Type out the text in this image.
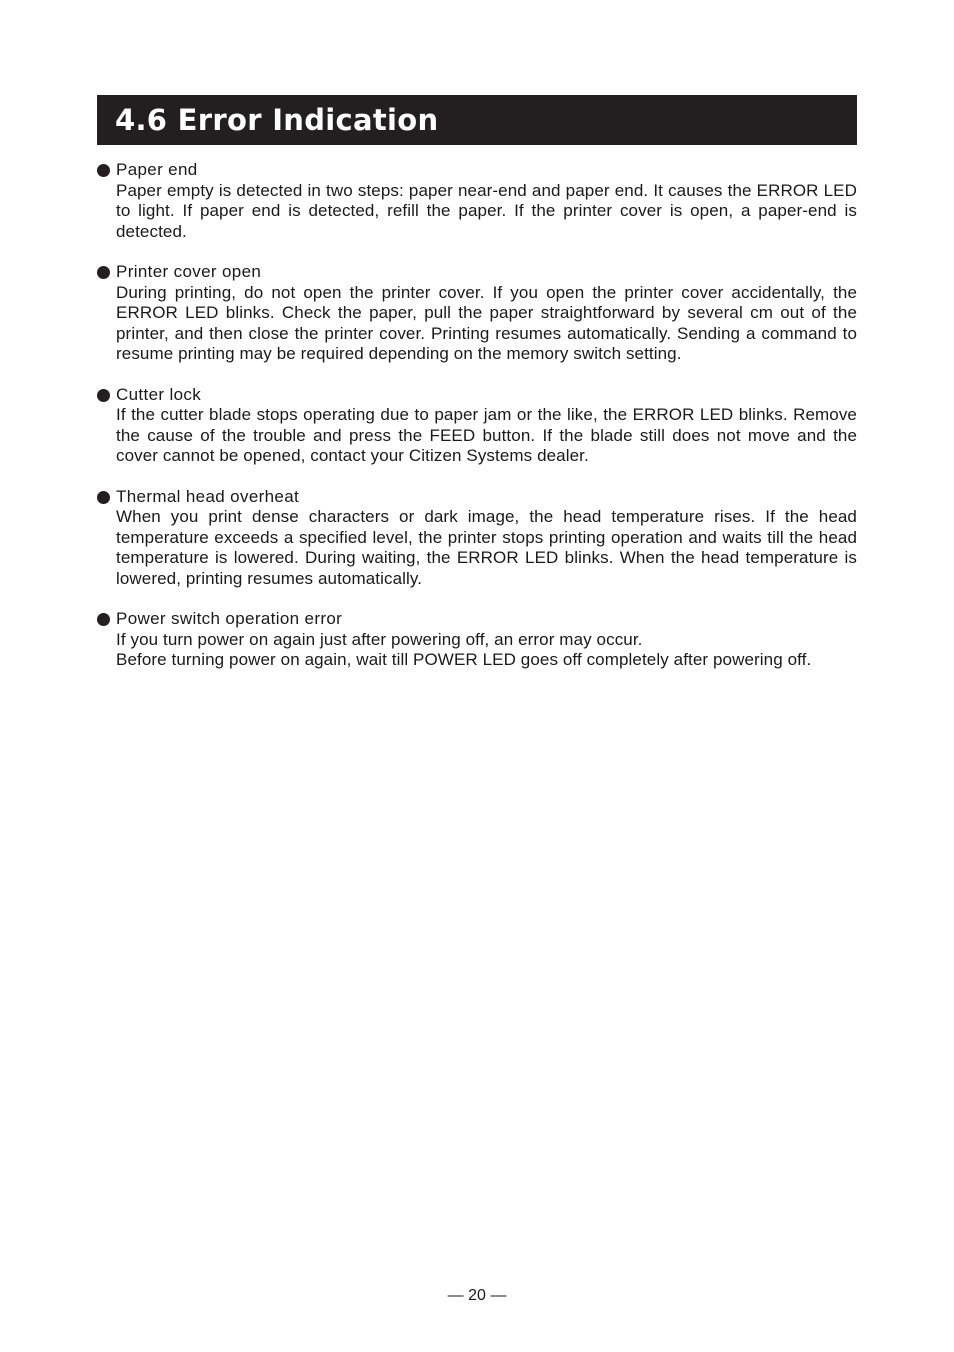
4.6 Error Indication
Paper end

Paper empty is detected in two steps: paper near-end and paper end. It causes the ERROR LED to light. If paper end is detected, refill the paper. If the printer cover is open, a paper-end is detected.

Printer cover open

During printing, do not open the printer cover. If you open the printer cover accidentally, the ERROR LED blinks. Check the paper, pull the paper straightforward by several cm out of the printer, and then close the printer cover. Printing resumes automatically. Sending a command to resume printing may be required depending on the memory switch setting.

Cutter lock

If the cutter blade stops operating due to paper jam or the like, the ERROR LED blinks. Remove the cause of the trouble and press the FEED button. If the blade still does not move and the cover cannot be opened, contact your Citizen Systems dealer.

Thermal head overheat

When you print dense characters or dark image, the head temperature rises. If the head temperature exceeds a specified level, the printer stops printing operation and waits till the head temperature is lowered. During waiting, the ERROR LED blinks. When the head temperature is lowered, printing resumes automatically.

Power switch operation error

If you turn power on again just after powering off, an error may occur.

Before turning power on again, wait till POWER LED goes off completely after powering off.

— 20 —
